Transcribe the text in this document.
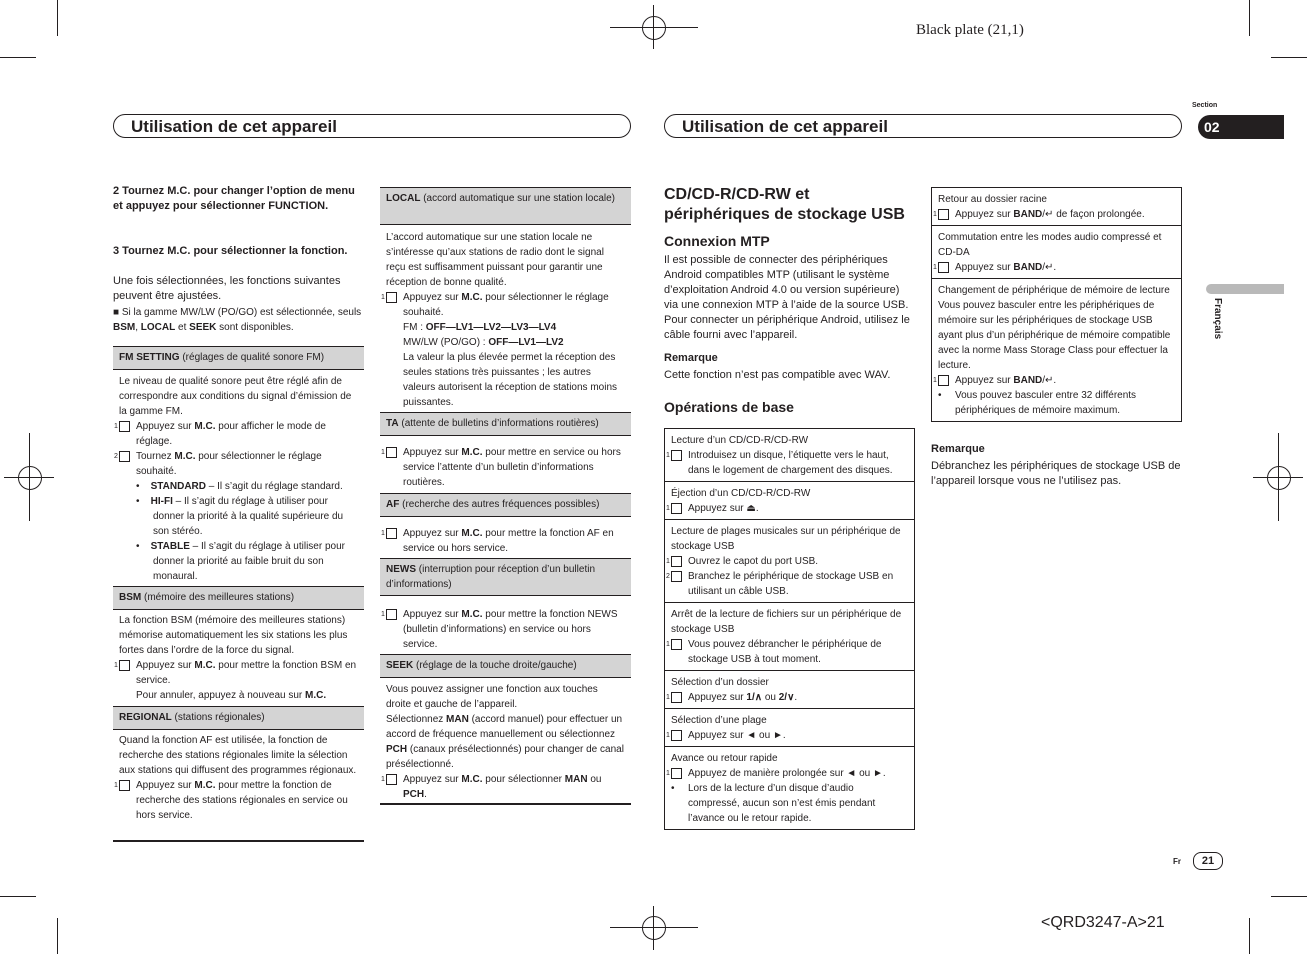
Black plate (21,1)
<QRD3247-A>21
Utilisation de cet appareil	Utilisation de cet appareil
Section
02
Français
Fr	21
2 Tournez M.C. pour changer l’option de menu et appuyez pour sélectionner FUNCTION.
3 Tournez M.C. pour sélectionner la fonction.
Une fois sélectionnées, les fonctions suivantes peuvent être ajustées.
■ Si la gamme MW/LW (PO/GO) est sélectionnée, seuls BSM, LOCAL et SEEK sont disponibles.
FM SETTING (réglages de qualité sonore FM)
Le niveau de qualité sonore peut être réglé afin de correspondre aux conditions du signal d’émission de la gamme FM.
1 Appuyez sur M.C. pour afficher le mode de réglage.
2 Tournez M.C. pour sélectionner le réglage souhaité.
•    STANDARD – Il s’agit du réglage standard.
•    HI-FI – Il s’agit du réglage à utiliser pour donner la priorité à la qualité supérieure du son stéréo.
•    STABLE – Il s’agit du réglage à utiliser pour donner la priorité au faible bruit du son monaural.
BSM (mémoire des meilleures stations)
La fonction BSM (mémoire des meilleures stations) mémorise automatiquement les six stations les plus fortes dans l’ordre de la force du signal.
1 Appuyez sur M.C. pour mettre la fonction BSM en service.
Pour annuler, appuyez à nouveau sur M.C.
REGIONAL (stations régionales)
Quand la fonction AF est utilisée, la fonction de recherche des stations régionales limite la sélection aux stations qui diffusent des programmes régionaux.
1 Appuyez sur M.C. pour mettre la fonction de recherche des stations régionales en service ou hors service.
LOCAL (accord automatique sur une station locale)
L’accord automatique sur une station locale ne s’intéresse qu’aux stations de radio dont le signal reçu est suffisamment puissant pour garantir une réception de bonne qualité.
1 Appuyez sur M.C. pour sélectionner le réglage souhaité.
FM : OFF—LV1—LV2—LV3—LV4
MW/LW (PO/GO) : OFF—LV1—LV2
La valeur la plus élevée permet la réception des seules stations très puissantes ; les autres valeurs autorisent la réception de stations moins puissantes.
TA (attente de bulletins d’informations routières)
1 Appuyez sur M.C. pour mettre en service ou hors service l’attente d’un bulletin d’informations routières.
AF (recherche des autres fréquences possibles)
1 Appuyez sur M.C. pour mettre la fonction AF en service ou hors service.
NEWS (interruption pour réception d’un bulletin d’informations)
1 Appuyez sur M.C. pour mettre la fonction NEWS (bulletin d’informations) en service ou hors service.
SEEK (réglage de la touche droite/gauche)
Vous pouvez assigner une fonction aux touches droite et gauche de l’appareil.
Sélectionnez MAN (accord manuel) pour effectuer un accord de fréquence manuellement ou sélectionnez PCH (canaux présélectionnés) pour changer de canal présélectionné.
1 Appuyez sur M.C. pour sélectionner MAN ou PCH.
CD/CD-R/CD-RW et périphériques de stockage USB
Connexion MTP
Il est possible de connecter des périphériques Android compatibles MTP (utilisant le système d’exploitation Android 4.0 ou version supérieure) via une connexion MTP à l’aide de la source USB. Pour connecter un périphérique Android, utilisez le câble fourni avec l’appareil.
Remarque
Cette fonction n’est pas compatible avec WAV.
Opérations de base
Lecture d’un CD/CD-R/CD-RW
1 Introduisez un disque, l’étiquette vers le haut, dans le logement de chargement des disques.
Éjection d’un CD/CD-R/CD-RW
1 Appuyez sur ⏏.
Lecture de plages musicales sur un périphérique de stockage USB
1 Ouvrez le capot du port USB.
2 Branchez le périphérique de stockage USB en utilisant un câble USB.
Arrêt de la lecture de fichiers sur un périphérique de stockage USB
1 Vous pouvez débrancher le périphérique de stockage USB à tout moment.
Sélection d’un dossier
1 Appuyez sur 1/∧ ou 2/∨.
Sélection d’une plage
1 Appuyez sur ◄ ou ►.
Avance ou retour rapide
1 Appuyez de manière prolongée sur ◄ ou ►.
• Lors de la lecture d’un disque d’audio compressé, aucun son n’est émis pendant l’avance ou le retour rapide.
Retour au dossier racine
1 Appuyez sur BAND/↵ de façon prolongée.
Commutation entre les modes audio compressé et CD-DA
1 Appuyez sur BAND/↵.
Changement de périphérique de mémoire de lecture
Vous pouvez basculer entre les périphériques de mémoire sur les périphériques de stockage USB ayant plus d’un périphérique de mémoire compatible avec la norme Mass Storage Class pour effectuer la lecture.
1 Appuyez sur BAND/↵.
• Vous pouvez basculer entre 32 différents périphériques de mémoire maximum.
Remarque
Débranchez les périphériques de stockage USB de l’appareil lorsque vous ne l’utilisez pas.
